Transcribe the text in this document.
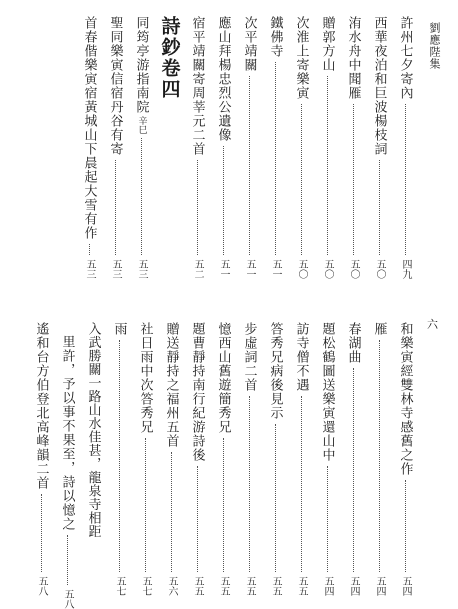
劉應陛集
六
許州七夕寄內
四九
西華夜泊和巨波楊枝詞
五〇
洧水舟中聞雁
五〇
贈郭方山
五〇
次淮上寄樂寅
五〇
鐵佛寺
五一
次平靖關
五一
應山拜楊忠烈公遺像
五一
宿平靖關寄周莘元二首
五二
詩鈔卷四
同筠亭游指南院
辛巳
五三
聖同樂寅信宿丹谷有寄
五三
首春偕樂寅宿黃城山下晨起大雪有作
五三
和樂寅經雙林寺感舊之作
五四
雁
五四
春湖曲
五四
題松鶴圖送樂寅還山中
五四
訪寺僧不遇
五五
答秀兄病後見示
五五
步虛詞二首
五五
憶西山舊遊簡秀兄
五五
題曹靜持南行紀游詩後
五五
贈送靜持之福州五首
五六
社日雨中次答秀兄
五七
雨
五七
入武勝關一路山水佳甚，龍泉寺相距
里許，予以事不果至，詩以憶之
五八
遙和台方伯登北高峰韻二首
五八
